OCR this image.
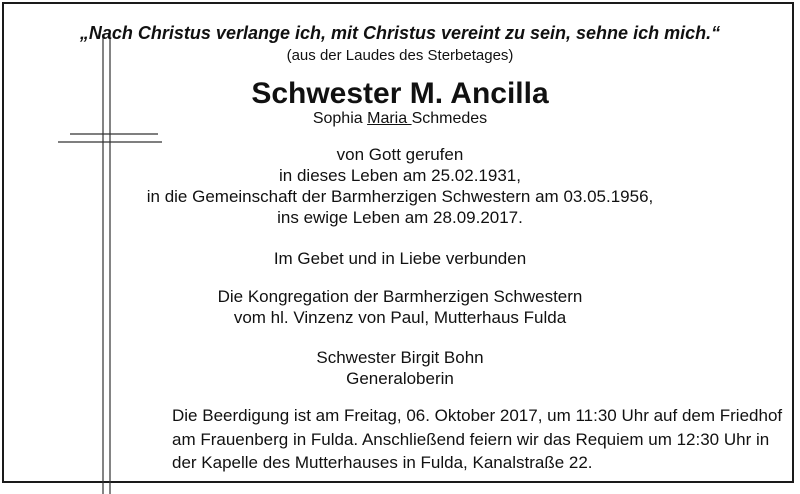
„Nach Christus verlange ich, mit Christus vereint zu sein, sehne ich mich.“
(aus der Laudes des Sterbetages)
Schwester M. Ancilla
Sophia Maria Schmedes
von Gott gerufen
in dieses Leben am 25.02.1931,
in die Gemeinschaft der Barmherzigen Schwestern am 03.05.1956,
ins ewige Leben am 28.09.2017.
Im Gebet und in Liebe verbunden
Die Kongregation der Barmherzigen Schwestern
vom hl. Vinzenz von Paul, Mutterhaus Fulda
Schwester Birgit Bohn
Generaloberin
Die Beerdigung ist am Freitag, 06. Oktober 2017, um 11:30 Uhr auf dem Friedhof
am Frauenberg in Fulda. Anschließend feiern wir das Requiem um 12:30 Uhr in
der Kapelle des Mutterhauses in Fulda, Kanalstraße 22.
